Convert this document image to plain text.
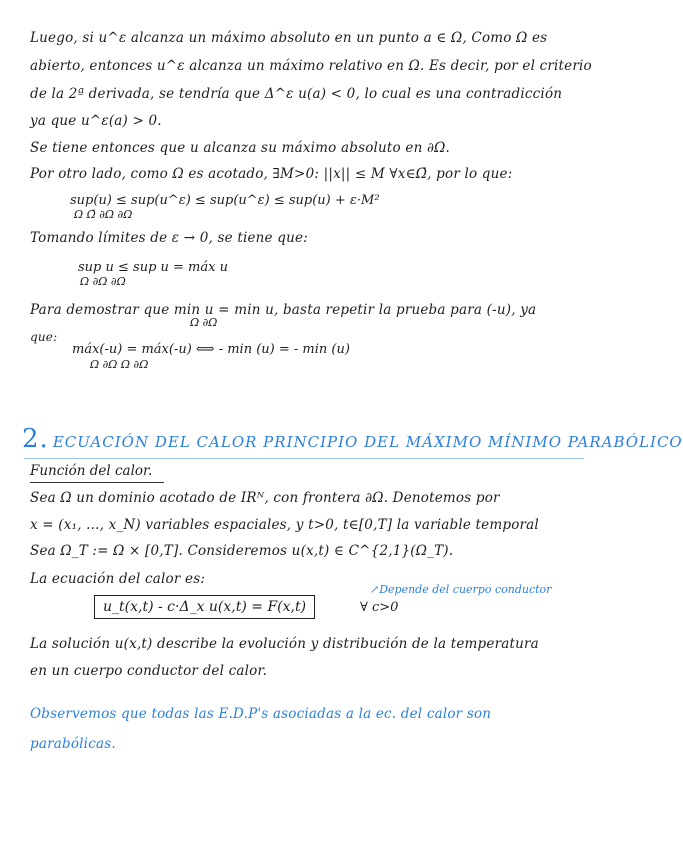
Luego, si u^ε alcanza un máximo absoluto en un punto a ∈ Ω, Como Ω es
abierto, entonces u^ε alcanza un máximo relativo en Ω. Es decir, por el criterio
de la 2ª derivada, se tendría que Δ^ε u(a) < 0, lo cual es una contradicción
ya que u^ε(a) > 0.
Se tiene entonces que u alcanza su máximo absoluto en ∂Ω.
Por otro lado, como Ω es acotado, ∃M>0: ||x|| ≤ M ∀x∈Ω̄, por lo que:
sup(u) ≤ sup(u^ε) ≤ sup(u^ε) ≤ sup(u) + ε·M²
Ω Ω̄ ∂Ω ∂Ω
Tomando límites de ε → 0, se tiene que:
sup u ≤ sup u = máx u
Ω ∂Ω ∂Ω
Para demostrar que min u = min u, basta repetir la prueba para (-u), ya
Ω ∂Ω
que:
máx(-u) = máx(-u) ⟺ - min (u) = - min (u)
Ω ∂Ω Ω ∂Ω
2. ECUACIÓN DEL CALOR PRINCIPIO DEL MÁXIMO MÍNIMO PARABÓLICO
Función del calor.
Sea Ω un dominio acotado de IRᴺ, con frontera ∂Ω. Denotemos por
x = (x₁, ..., x_N) variables espaciales, y t>0, t∈[0,T] la variable temporal
Sea Ω_T := Ω × [0,T]. Consideremos u(x,t) ∈ C^{2,1}(Ω_T).
La ecuación del calor es:
↗Depende del cuerpo conductor
u_t(x,t) - c·Δ_x u(x,t) = F(x,t)	∀ c>0
La solución u(x,t) describe la evolución y distribución de la temperatura
en un cuerpo conductor del calor.
Observemos que todas las E.D.P's asociadas a la ec. del calor son
parabólicas.
